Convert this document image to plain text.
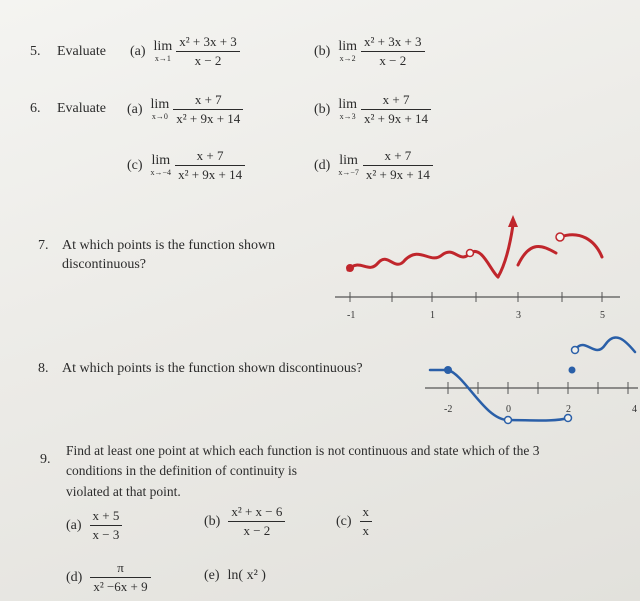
5. Evaluate (a) lim
$x\to 1 \frac{\text{x² + 3x + 3}}{x - 2}$	(b) lim
$x\to 2 \frac{\text{x² + 3x + 3}}{x - 2}$
6. Evaluate (a) lim
$x\to 0 \frac{x + 7}{\text{x² + 9x + 14}}$	(b) lim
$x\to 3 \frac{x + 7}{\text{x² + 9x + 14}}$
(c) lim
$x\to-4 \frac{x + 7}{\text{x² + 9x + 14}}$	(d) lim
$x\to-7 \frac{x + 7}{\text{x² + 9x + 14}}$
7. At which points is the function shown
discontinuous?
-1	1	3	5
8. At which points is the function shown discontinuous?
-2	0	2	4
9.
Find at least one point at which each function is not continuous and state which of the 3
conditions in the definition of continuity is
violated at that point.
$(a) \frac{x + 5}{x - 3}$	$(b) \frac{\text{x² + x − 6}}{x - 2}$	$(c) \frac{x}{x}$
$(d) \frac{\pi}{\text{x² −6x + 9}}$	(e) ln( x² )
